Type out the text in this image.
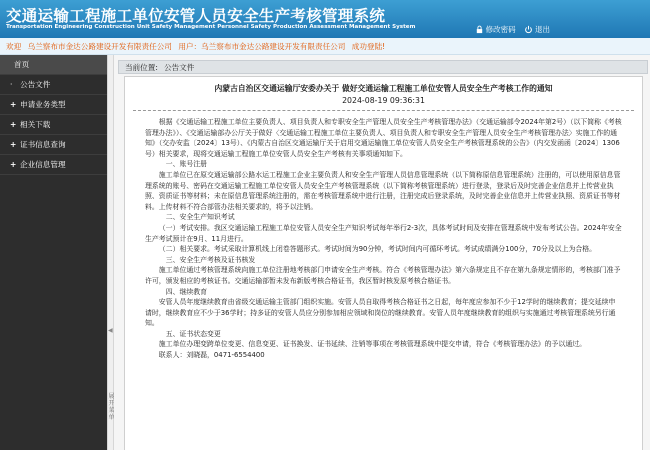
交通运输工程施工单位安管人员安全生产考核管理系统
Transportation Engineering Construction Unit Safety Management Personnel Safety Production Assessment Management System	修改密码
	退出
欢迎 乌兰察布市金达公路建设开发有限责任公司 用户：乌兰察布市金达公路建设开发有限责任公司 成功登陆!
首页
· 公告文件
+ 申请业务类型
+ 相关下载
+ 证书信息查询
+ 企业信息管理
◀
展
开
菜
单
当前位置: 公告文件
内蒙古自治区交通运输厅安委办关于 做好交通运输工程施工单位安管人员安全生产考核工作的通知
2024-08-19 09:36:31

根据《交通运输工程施工单位主要负责人、项目负责人和专职安全生产管理人员安全生产考核管理办法》（交通运输部令2024年第2号）（以下简称《考核管理办法》）、《交通运输部办公厅关于做好〈交通运输工程施工单位主要负责人、项目负责人和专职安全生产管理人员安全生产考核管理办法〉实施工作的通知》（交办安监〔2024〕13号）、《内蒙古自治区交通运输厅关于启用交通运输施工单位安管人员安全生产考核管理系统的公告》（内交发函函〔2024〕1306号）相关要求，现将交通运输工程施工单位安管人员安全生产考核有关事项通知如下。

一、账号注册

施工单位已在原交通运输部公路水运工程施工企业主要负责人和安全生产管理人员信息管理系统（以下简称原信息管理系统）注册的，可以使用原信息管理系统的账号、密码在交通运输工程施工单位安管人员安全生产考核管理系统（以下简称考核管理系统）进行登录，登录后及时完善企业信息并上传营业执照、资质证书等材料；未在原信息管理系统注册的，需在考核管理系统中进行注册，注册完成后登录系统，及时完善企业信息并上传营业执照、资质证书等材料。上传材料不符合部管办法相关要求的，将予以注销。

二、安全生产知识考试

（一）考试安排。我区交通运输工程施工单位安管人员安全生产知识考试每年举行2-3次，具体考试时间及安排在管理系统中发布考试公告。2024年安全生产考试预计在9月、11月进行。

（二）相关要求。考试采取计算机线上闭卷答题形式。考试时间为90分钟，考试时间内可循环考试。考试成绩满分100分，70分及以上为合格。

三、安全生产考核及证书核发

施工单位通过考核管理系统向施工单位注册地考核部门申请安全生产考核。符合《考核管理办法》第六条规定且不存在第九条规定情形的，考核部门准予许可，颁发相应的考核证书。交通运输部暂未发布新版考核合格证书，我区暂时核发原考核合格证书。

四、继续教育

安管人员年度继续教育由省级交通运输主管部门组织实施。安管人员自取得考核合格证书之日起，每年度应参加不少于12学时的继续教育；提交延续申请时，继续教育应不少于36学时；持多证的安管人员应分别参加相应领域和岗位的继续教育。安管人员年度继续教育的组织与实施通过考核管理系统另行通知。

五、证书状态变更

施工单位办理变跨单位变更、信息变更、证书换发、证书延续、注销等事项在考核管理系统中提交申请，符合《考核管理办法》的予以通过。

联系人：刘晓磊，0471-6554400
